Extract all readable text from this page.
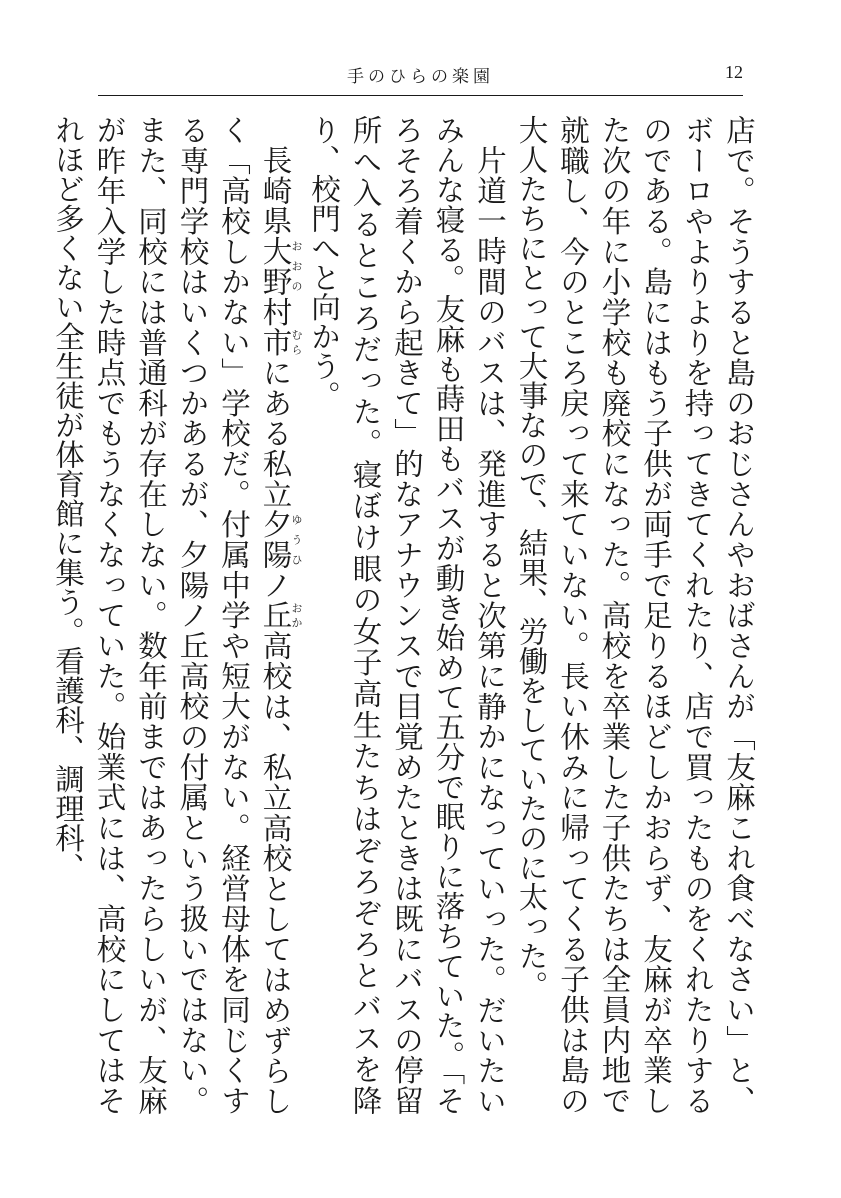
手のひらの楽園	12

店で。そうすると島のおじさんやおばさんが「友麻これ食べなさい」と、ボーロやよりよりを持ってきてくれたり、店で買ったものをくれたりするのである。島にはもう子供が両手で足りるほどしかおらず、友麻が卒業した次の年に小学校も廃校になった。高校を卒業した子供たちは全員内地で就職し、今のところ戻って来ていない。長い休みに帰ってくる子供は島の大人たちにとって大事なので、結果、労働をしていたのに太った。

片道一時間のバスは、発進すると次第に静かになっていった。だいたいみんな寝る。友麻も蒔田もバスが動き始めて五分で眠りに落ちていた。「そろそろ着くから起きて」的なアナウンスで目覚めたときは既にバスの停留所へ入るところだった。寝ぼけ眼の女子高生たちはぞろぞろとバスを降り、校門へと向かう。

長崎県大野おおの村市むらにある私立夕陽ゆうひノ丘おか高校は、私立高校としてはめずらしく「高校しかない」学校だ。付属中学や短大がない。経営母体を同じくする専門学校はいくつかあるが、夕陽ノ丘高校の付属という扱いではない。また、同校には普通科が存在しない。数年前まではあったらしいが、友麻が昨年入学した時点でもうなくなっていた。始業式には、高校にしてはそれほど多くない全生徒が体育館に集う。看護科、調理科、
